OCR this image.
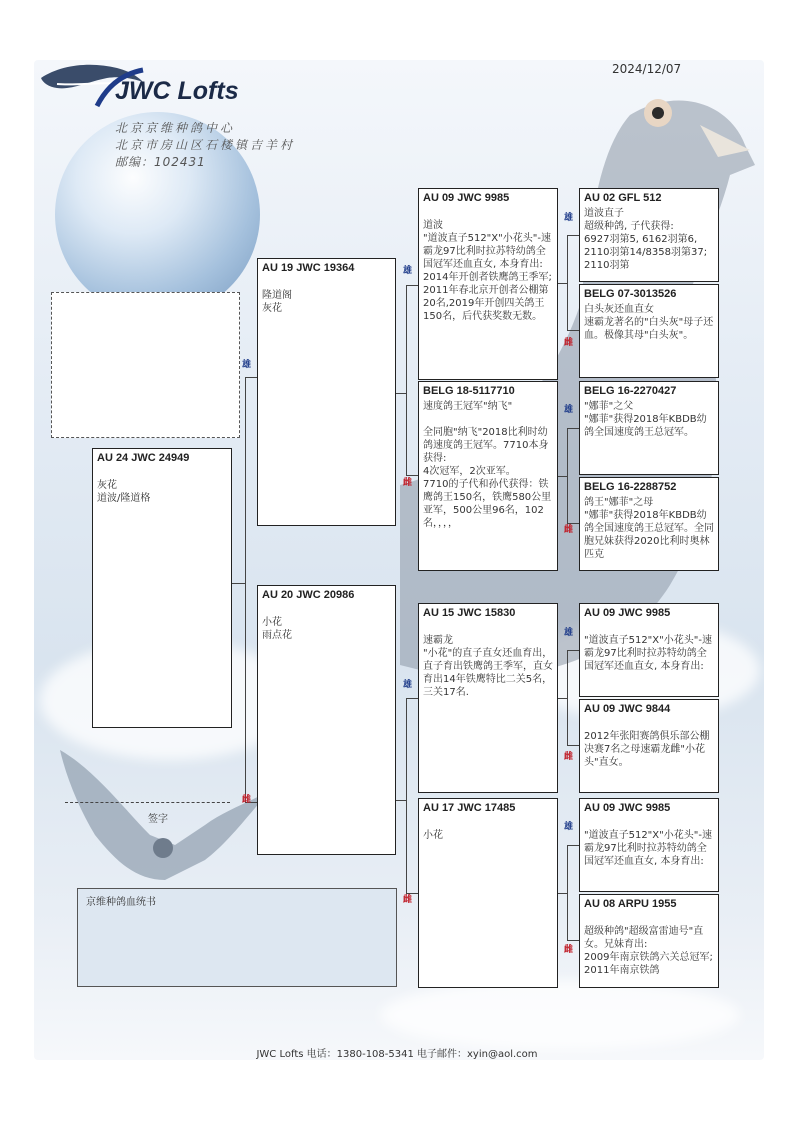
JWC Lofts
北京京维种鸽中心
北京市房山区石楼镇吉羊村
邮编：102431
2024/12/07
雄
雌
雄
雌
雄
雌
雄
雌
雄
雌
雄
雌
雄
雌
AU 24 JWC 24949
灰花
道波/隆道格
AU 19 JWC 19364
隆道阁
灰花
AU 20 JWC 20986
小花
雨点花
AU 09 JWC 9985
道波
"道波直子512"X"小花头"-速霸龙97比利时拉苏特幼鸽全国冠军还血直女, 本身育出:
2014年开创者铁鹰鸽王季军; 2011年春北京开创者公棚第20名,2019年开创四关鸽王150名，后代获奖数无数。
BELG 18-5117710
速度鸽王冠军"纳飞"

全同胞"纳飞"2018比利时幼鸽速度鸽王冠军。7710本身获得:
4次冠军，2次亚军。
7710的子代和孙代获得：铁鹰鸽王150名，铁鹰580公里亚军，500公里96名，102名，，，，
AU 15 JWC 15830
速霸龙
"小花"的直子直女还血育出，直子育出铁鹰鸽王季军，直女育出14年铁鹰特比二关5名，三关17名.
AU 17 JWC 17485
小花
AU 02 GFL 512
道波直子
超级种鸽, 子代获得:
6927羽第5, 6162羽第6, 2110羽第14/8358羽第37; 2110羽第
BELG 07-3013526
白头灰还血直女
速霸龙著名的"白头灰"母子还血。极像其母"白头灰"。
BELG 16-2270427
"娜菲"之父
"娜菲"获得2018年KBDB幼鸽全国速度鸽王总冠军。
BELG 16-2288752
鸽王"娜菲"之母
"娜菲"获得2018年KBDB幼鸽全国速度鸽王总冠军。全同胞兄妹获得2020比利时奥林匹克
AU 09 JWC 9985
"道波直子512"X"小花头"-速霸龙97比利时拉苏特幼鸽全国冠军还血直女, 本身育出:
AU 09 JWC 9844
2012年张阳赛鸽俱乐部公棚决赛7名之母速霸龙雌"小花头"直女。
AU 09 JWC 9985
"道波直子512"X"小花头"-速霸龙97比利时拉苏特幼鸽全国冠军还血直女, 本身育出:
AU 08 ARPU 1955
超级种鸽"超级富雷迪号"直女。兄妹育出:
2009年南京铁鸽六关总冠军; 2011年南京铁鸽
签字
京维种鸽血统书
JWC Lofts 电话：1380-108-5341 电子邮件：xyin@aol.com
